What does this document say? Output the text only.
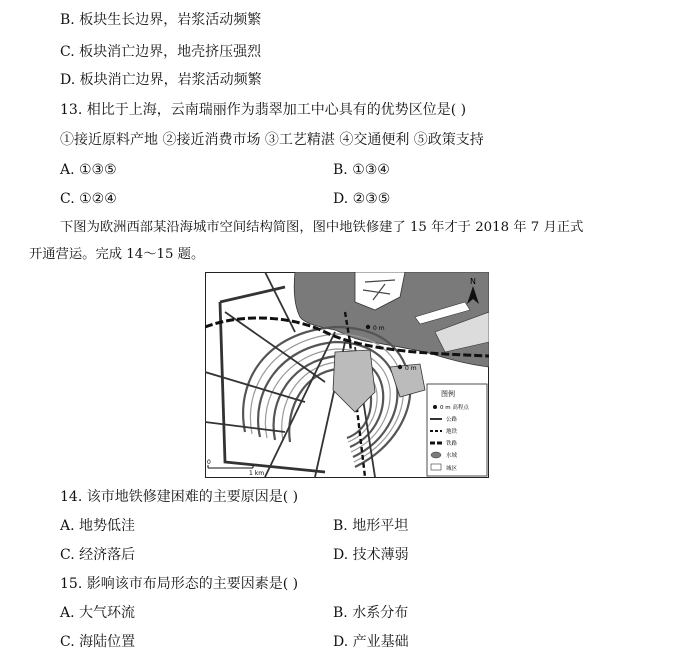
B. 板块生长边界，岩浆活动频繁
C. 板块消亡边界，地壳挤压强烈
D. 板块消亡边界，岩浆活动频繁
13. 相比于上海，云南瑞丽作为翡翠加工中心具有的优势区位是( )
①接近原料产地 ②接近消费市场 ③工艺精湛 ④交通便利 ⑤政策支持
A. ①③⑤	B. ①③④
C. ①②④	D. ②③⑤
下图为欧洲西部某沿海城市空间结构简图，图中地铁修建了 15 年才于 2018 年 7 月正式
开通营运。完成 14～15 题。
0 m
0 m
N
图例
0 m 高程点
公路
地铁
铁路
水域
城区
0
1 km
14. 该市地铁修建困难的主要原因是( )
A. 地势低洼	B. 地形平坦
C. 经济落后	D. 技术薄弱
15. 影响该市布局形态的主要因素是( )
A. 大气环流	B. 水系分布
C. 海陆位置	D. 产业基础
